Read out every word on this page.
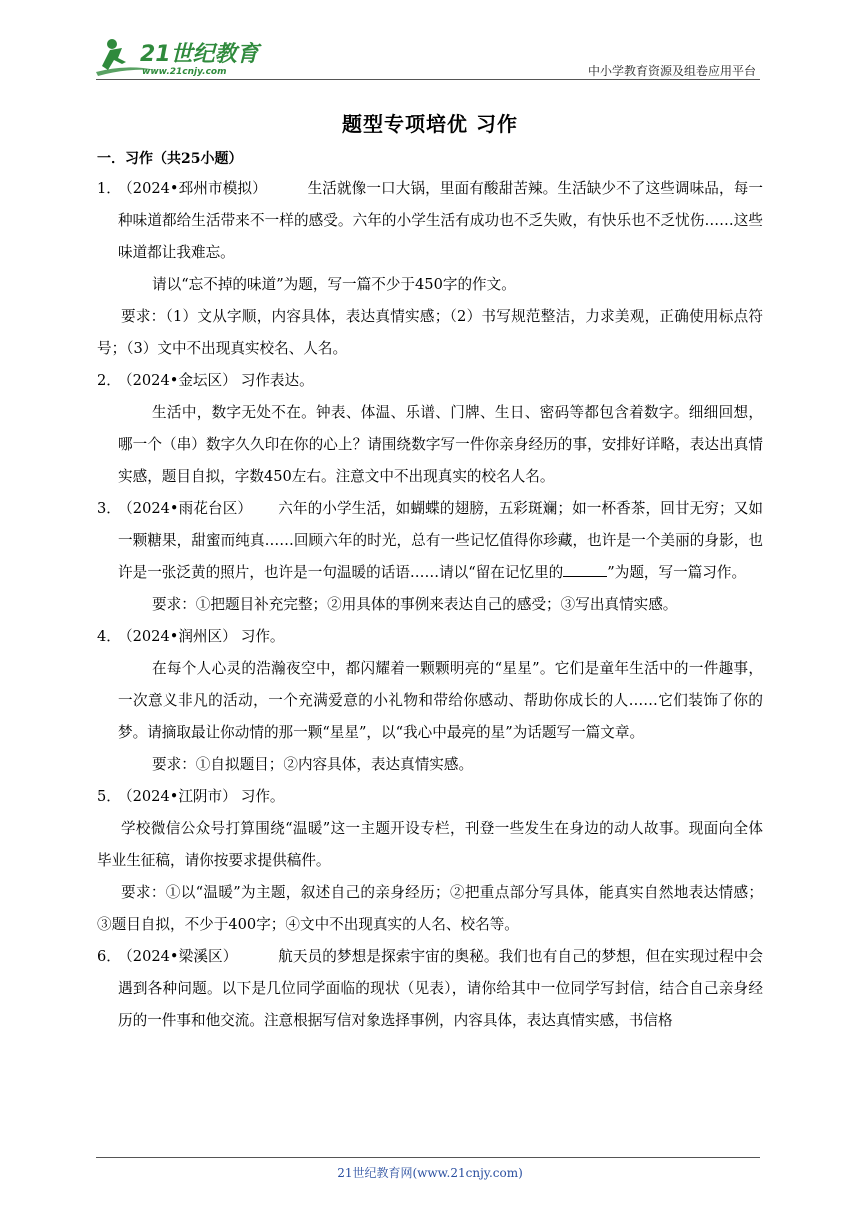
21世纪教育
www.21cnjy.com	中小学教育资源及组卷应用平台
题型专项培优 习作
一．习作（共25小题）
1．（2024•邳州市模拟）　　　	生活就像一口大锅，里面有酸甜苦辣。生活缺少不了这些调味品，每一种味道都给生活带来不一样的感受。六年的小学生活有成功也不乏失败，有快乐也不乏忧伤……这些味道都让我难忘。
请以“忘不掉的味道”为题，写一篇不少于450字的作文。
要求：（1）文从字顺，内容具体，表达真情实感；（2）书写规范整洁，力求美观，正确使用标点符号；（3）文中不出现真实校名、人名。
2．（2024•金坛区） 习作表达。
生活中，数字无处不在。钟表、体温、乐谱、门牌、生日、密码等都包含着数字。细细回想，哪一个（串）数字久久印在你的心上？请围绕数字写一件你亲身经历的事，安排好详略，表达出真情实感，题目自拟，字数450左右。注意文中不出现真实的校名人名。
3．（2024•雨花台区）　　 六年的小学生活，如蝴蝶的翅膀，五彩斑斓；如一杯香茶，回甘无穷；又如一颗糖果，甜蜜而纯真……回顾六年的时光，总有一些记忆值得你珍藏，也许是一个美丽的身影，也许是一张泛黄的照片，也许是一句温暖的话语……请以“留在记忆里的	”为题，写一篇习作。
要求：①把题目补充完整；②用具体的事例来表达自己的感受；③写出真情实感。
4．（2024•润州区） 习作。
在每个人心灵的浩瀚夜空中，都闪耀着一颗颗明亮的“星星”。它们是童年生活中的一件趣事，一次意义非凡的活动，一个充满爱意的小礼物和带给你感动、帮助你成长的人……它们装饰了你的梦。请摘取最让你动情的那一颗“星星”，以“我心中最亮的星”为话题写一篇文章。
要求：①自拟题目；②内容具体，表达真情实感。
5．（2024•江阴市） 习作。
学校微信公众号打算围绕“温暖”这一主题开设专栏，刊登一些发生在身边的动人故事。现面向全体毕业生征稿，请你按要求提供稿件。
要求：①以“温暖”为主题，叙述自己的亲身经历；②把重点部分写具体，能真实自然地表达情感；③题目自拟，不少于400字；④文中不出现真实的人名、校名等。
6．（2024•梁溪区）　　　	航天员的梦想是探索宇宙的奥秘。我们也有自己的梦想，但在实现过程中会遇到各种问题。以下是几位同学面临的现状（见表），请你给其中一位同学写封信，结合自己亲身经历的一件事和他交流。注意根据写信对象选择事例，内容具体，表达真情实感，书信格
21世纪教育网(www.21cnjy.com)
